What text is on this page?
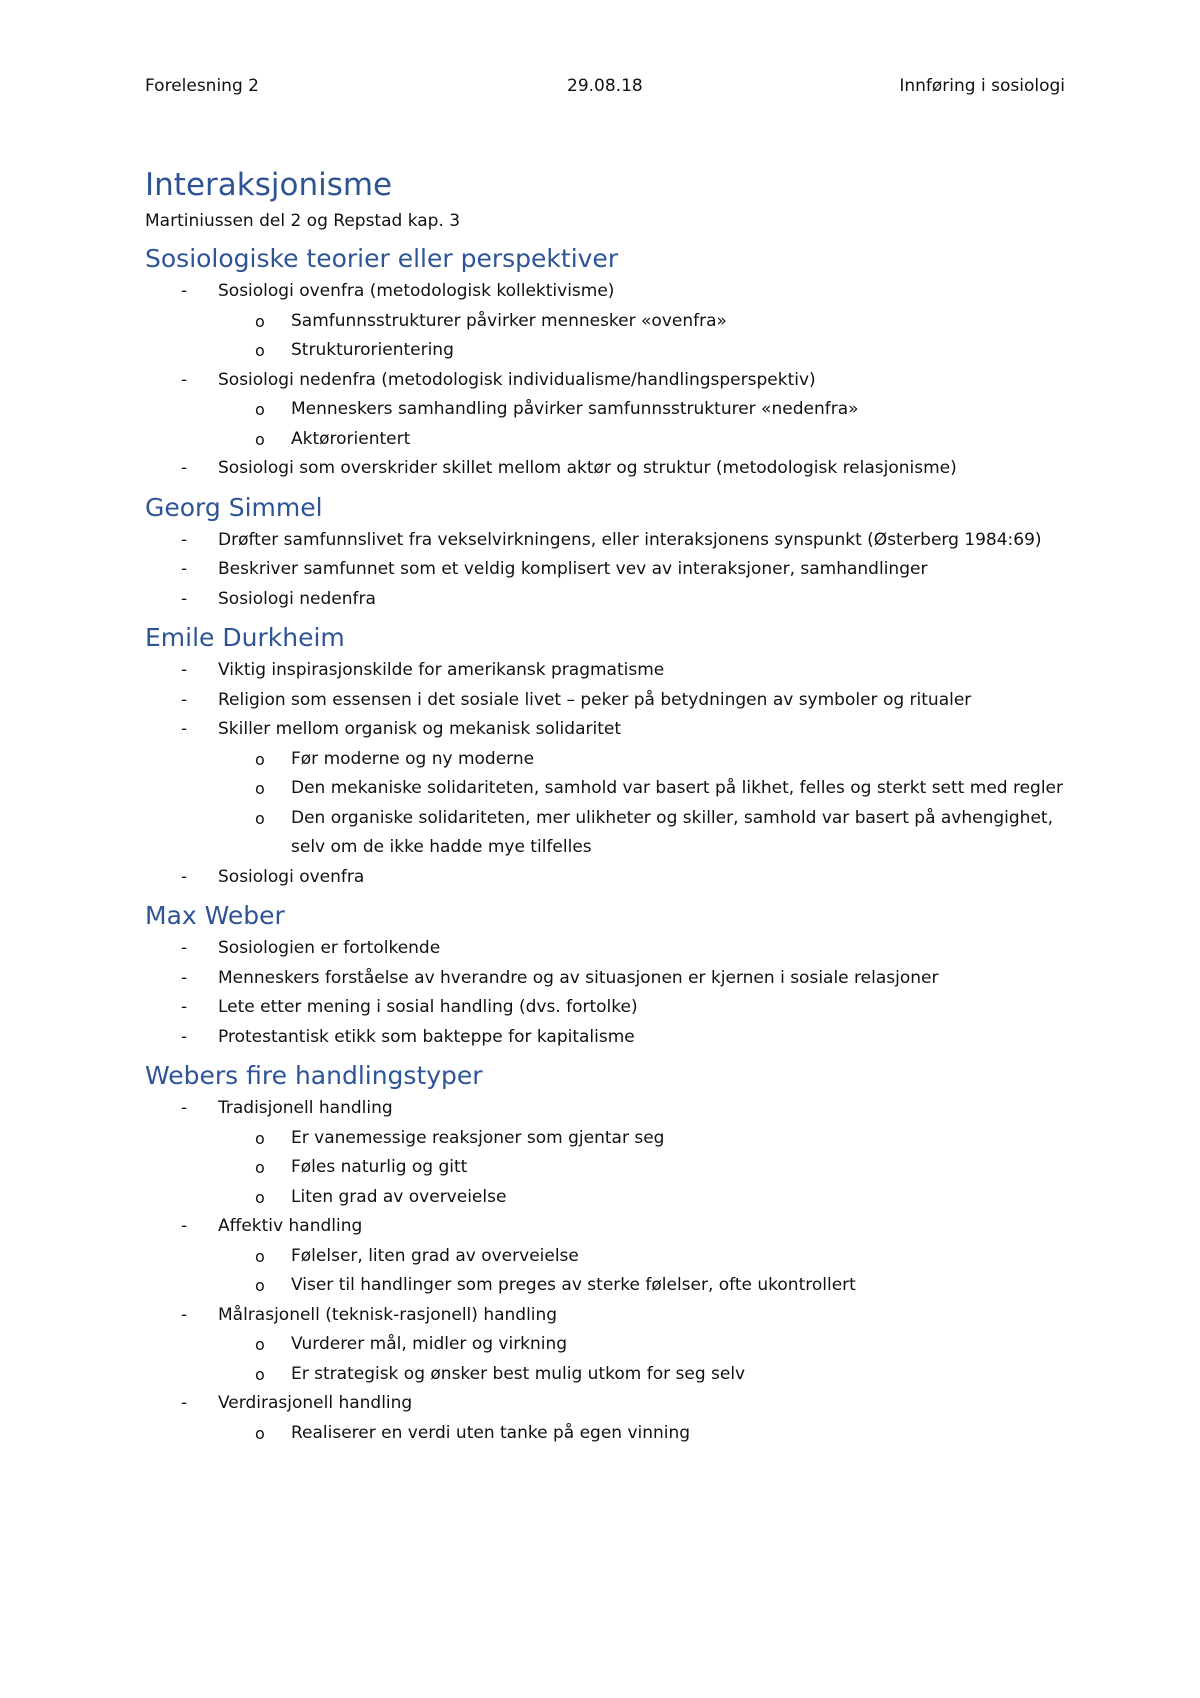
Forelesning 2	29.08.18	Innføring i sosiologi
Interaksjonisme

Martiniussen del 2 og Repstad kap. 3

Sosiologiske teorier eller perspektiver
- Sosiologi ovenfra (metodologisk kollektivisme)
o Samfunnsstrukturer påvirker mennesker «ovenfra»
o Strukturorientering
- Sosiologi nedenfra (metodologisk individualisme/handlingsperspektiv)
o Menneskers samhandling påvirker samfunnsstrukturer «nedenfra»
o Aktørorientert
- Sosiologi som overskrider skillet mellom aktør og struktur (metodologisk relasjonisme)
Georg Simmel
- Drøfter samfunnslivet fra vekselvirkningens, eller interaksjonens synspunkt (Østerberg 1984:69)
- Beskriver samfunnet som et veldig komplisert vev av interaksjoner, samhandlinger
- Sosiologi nedenfra
Emile Durkheim
- Viktig inspirasjonskilde for amerikansk pragmatisme
- Religion som essensen i det sosiale livet – peker på betydningen av symboler og ritualer
- Skiller mellom organisk og mekanisk solidaritet
o Før moderne og ny moderne
o Den mekaniske solidariteten, samhold var basert på likhet, felles og sterkt sett med regler
o Den organiske solidariteten, mer ulikheter og skiller, samhold var basert på avhengighet, selv om de ikke hadde mye tilfelles
- Sosiologi ovenfra
Max Weber
- Sosiologien er fortolkende
- Menneskers forståelse av hverandre og av situasjonen er kjernen i sosiale relasjoner
- Lete etter mening i sosial handling (dvs. fortolke)
- Protestantisk etikk som bakteppe for kapitalisme
Webers fire handlingstyper
- Tradisjonell handling
o Er vanemessige reaksjoner som gjentar seg
o Føles naturlig og gitt
o Liten grad av overveielse
- Affektiv handling
o Følelser, liten grad av overveielse
o Viser til handlinger som preges av sterke følelser, ofte ukontrollert
- Målrasjonell (teknisk-rasjonell) handling
o Vurderer mål, midler og virkning
o Er strategisk og ønsker best mulig utkom for seg selv
- Verdirasjonell handling
o Realiserer en verdi uten tanke på egen vinning
